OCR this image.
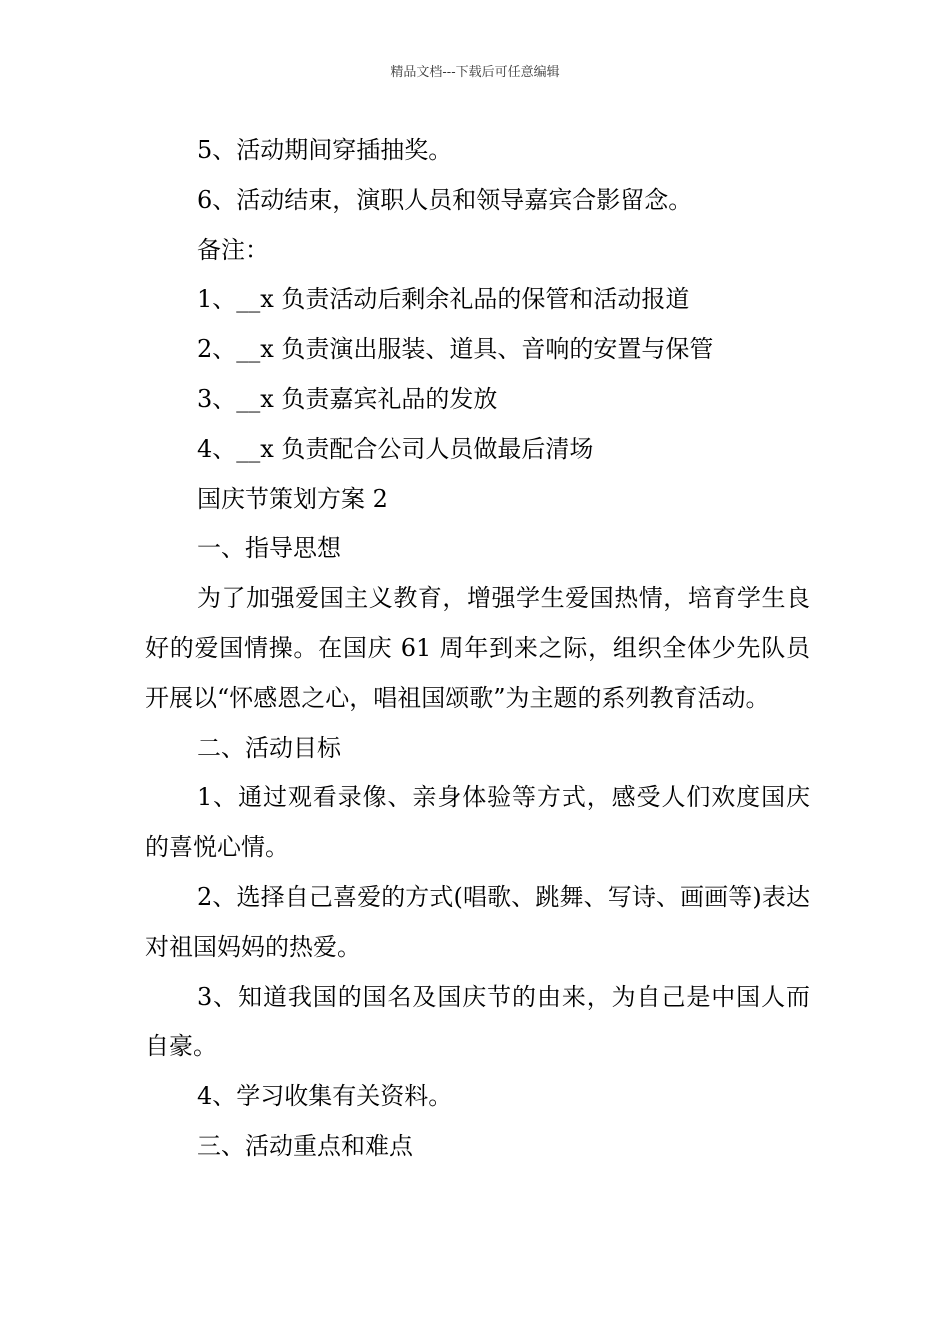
精品文档---下载后可任意编辑

5、活动期间穿插抽奖。

6、活动结束，演职人员和领导嘉宾合影留念。

备注：

1、__x 负责活动后剩余礼品的保管和活动报道

2、__x 负责演出服装、道具、音响的安置与保管

3、__x 负责嘉宾礼品的发放

4、__x 负责配合公司人员做最后清场

国庆节策划方案 2

一、指导思想

为了加强爱国主义教育，增强学生爱国热情，培育学生良好的爱国情操。在国庆 61 周年到来之际，组织全体少先队员开展以“怀感恩之心，唱祖国颂歌”为主题的系列教育活动。

二、活动目标

1、通过观看录像、亲身体验等方式，感受人们欢度国庆的喜悦心情。

2、选择自己喜爱的方式(唱歌、跳舞、写诗、画画等)表达对祖国妈妈的热爱。

3、知道我国的国名及国庆节的由来，为自己是中国人而自豪。

4、学习收集有关资料。

三、活动重点和难点
